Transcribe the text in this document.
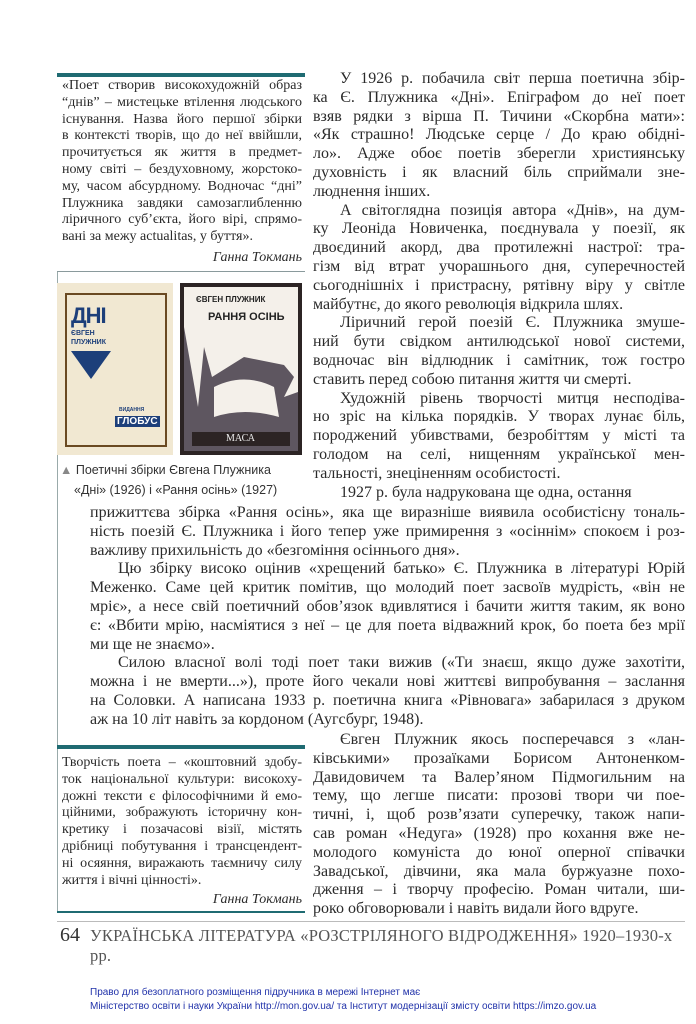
«Поет створив високохудожній образ
“днів” – мистецьке втілення людського
існування. Назва його першої збірки
в контексті творів, що до неї ввійшли,
прочитується як життя в предмет-
ному світі – бездуховному, жорстоко-
му, часом абсурдному. Водночас “дні”
Плужника завдяки самозаглибленню
ліричного суб’єкта, його вірі, спрямо-
вані за межу actualitas, у буття».
Ганна Токмань
ДНІ
ЄВГЕН ПЛУЖНИК
ВИДАННЯ
ГЛОБУС
ЄВГЕН ПЛУЖНИК
РАННЯ ОСІНЬ
МАСА
▲ Поетичні збірки Євгена Плужника
«Дні» (1926) і «Рання осінь» (1927)
У 1926 р. побачила світ перша поетична збір-
ка Є. Плужника «Дні». Епіграфом до неї поет
взяв рядки з вірша П. Тичини «Скорбна мати»:
«Як страшно! Людське серце / До краю обідні-
ло». Адже обоє поетів зберегли християнську
духовність і як власний біль сприймали зне-
люднення інших.
А світоглядна позиція автора «Днів», на дум-
ку Леоніда Новиченка, поєднувала у поезії, як
двоєдиний акорд, два протилежні настрої: тра-
гізм від втрат учорашнього дня, суперечностей
сьогоднішніх і пристрасну, рятівну віру у світле
майбутнє, до якого революція відкрила шлях.
Ліричний герой поезій Є. Плужника змуше-
ний бути свідком антилюдської нової системи,
водночас він відлюдник і самітник, тож гостро
ставить перед собою питання життя чи смерті.
Художній рівень творчості митця несподіва-
но зріс на кілька порядків. У творах лунає біль,
породжений убивствами, безробіттям у місті та
голодом на селі, нищенням української мен-
тальності, знеціненням особистості.
1927 р. була надрукована ще одна, остання
прижиттєва збірка «Рання осінь», яка ще виразніше виявила особистісну тональ-
ність поезій Є. Плужника і його тепер уже примирення з «осіннім» спокоєм і роз-
важливу прихильність до «безгоміння осіннього дня».
Цю збірку високо оцінив «хрещений батько» Є. Плужника в літературі Юрій
Меженко. Саме цей критик помітив, що молодий поет засвоїв мудрість, «він не
мріє», а несе свій поетичний обов’язок вдивлятися і бачити життя таким, як воно
є: «Вбити мрію, насміятися з неї – це для поета відважний крок, бо поета без мрії
ми ще не знаємо».
Силою власної волі тоді поет таки вижив («Ти знаєш, якщо дуже захотіти,
можна і не вмерти...»), проте його чекали нові життєві випробування – заслання
на Соловки. А написана 1933 р. поетична книга «Рівновага» забарилася з друком
аж на 10 літ навіть за кордоном (Аугсбург, 1948).
Творчість поета – «коштовний здобу-
ток національної культури: високоху-
дожні тексти є філософічними й емо-
ційними, зображують історичну кон-
кретику і позачасові візії, містять
дрібниці побутування і трансцендент-
ні осяяння, виражають таємничу силу
життя і вічні цінності».
Ганна Токмань
Євген Плужник якось посперечався з «лан-
ківськими» прозаїками Борисом Антоненком-
Давидовичем та Валер’яном Підмогильним на
тему, що легше писати: прозові твори чи пое-
тичні, і, щоб розв’язати суперечку, також напи-
сав роман «Недуга» (1928) про кохання вже не-
молодого комуніста до юної оперної співачки
Завадської, дівчини, яка мала буржуазне похо-
дження – і творчу професію. Роман читали, ши-
роко обговорювали і навіть видали його вдруге.
64 УКРАЇНСЬКА ЛІТЕРАТУРА «РОЗСТРІЛЯНОГО ВІДРОДЖЕННЯ» 1920–1930-х рр.
Право для безоплатного розміщення підручника в мережі Інтернет має
Міністерство освіти і науки України http://mon.gov.ua/ та Інститут модернізації змісту освіти https://imzo.gov.ua
